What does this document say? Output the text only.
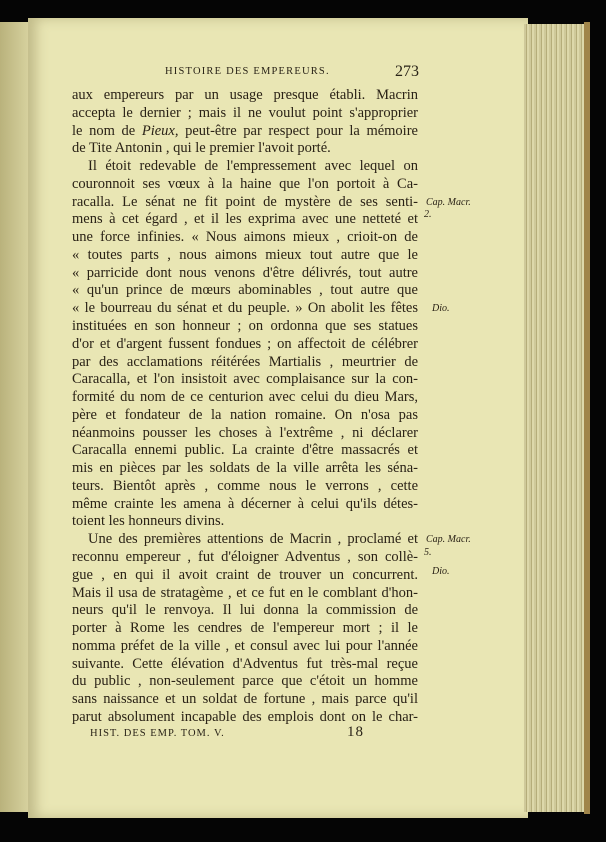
HISTOIRE DES EMPEREURS.	273
aux empereurs par un usage presque établi. Macrin
accepta le dernier ; mais il ne voulut point s'approprier
le nom de Pieux, peut-être par respect pour la mémoire
de Tite Antonin , qui le premier l'avoit porté.
Il étoit redevable de l'empressement avec lequel on
couronnoit ses vœux à la haine que l'on portoit à Ca-
racalla. Le sénat ne fit point de mystère de ses senti-
mens à cet égard , et il les exprima avec une netteté et
une force infinies. « Nous aimons mieux , crioit-on de
« toutes parts , nous aimons mieux tout autre que le
« parricide dont nous venons d'être délivrés, tout autre
« qu'un prince de mœurs abominables , tout autre que
« le bourreau du sénat et du peuple. » On abolit les fêtes
instituées en son honneur ; on ordonna que ses statues
d'or et d'argent fussent fondues ; on affectoit de célébrer
par des acclamations réitérées Martialis , meurtrier de
Caracalla, et l'on insistoit avec complaisance sur la con-
formité du nom de ce centurion avec celui du dieu Mars,
père et fondateur de la nation romaine. On n'osa pas
néanmoins pousser les choses à l'extrême , ni déclarer
Caracalla ennemi public. La crainte d'être massacrés et
mis en pièces par les soldats de la ville arrêta les séna-
teurs. Bientôt après , comme nous le verrons , cette
même crainte les amena à décerner à celui qu'ils détes-
toient les honneurs divins.
Une des premières attentions de Macrin , proclamé et
reconnu empereur , fut d'éloigner Adventus , son collè-
gue , en qui il avoit craint de trouver un concurrent.
Mais il usa de stratagème , et ce fut en le comblant d'hon-
neurs qu'il le renvoya. Il lui donna la commission de
porter à Rome les cendres de l'empereur mort ; il le
nomma préfet de la ville , et consul avec lui pour l'année
suivante. Cette élévation d'Adventus fut très-mal reçue
du public , non-seulement parce que c'étoit un homme
sans naissance et un soldat de fortune , mais parce qu'il
parut absolument incapable des emplois dont on le char-
Cap. Macr.
2.
Dio.
Cap. Macr.
5.
Dio.
HIST. DES EMP. TOM. V.	18
